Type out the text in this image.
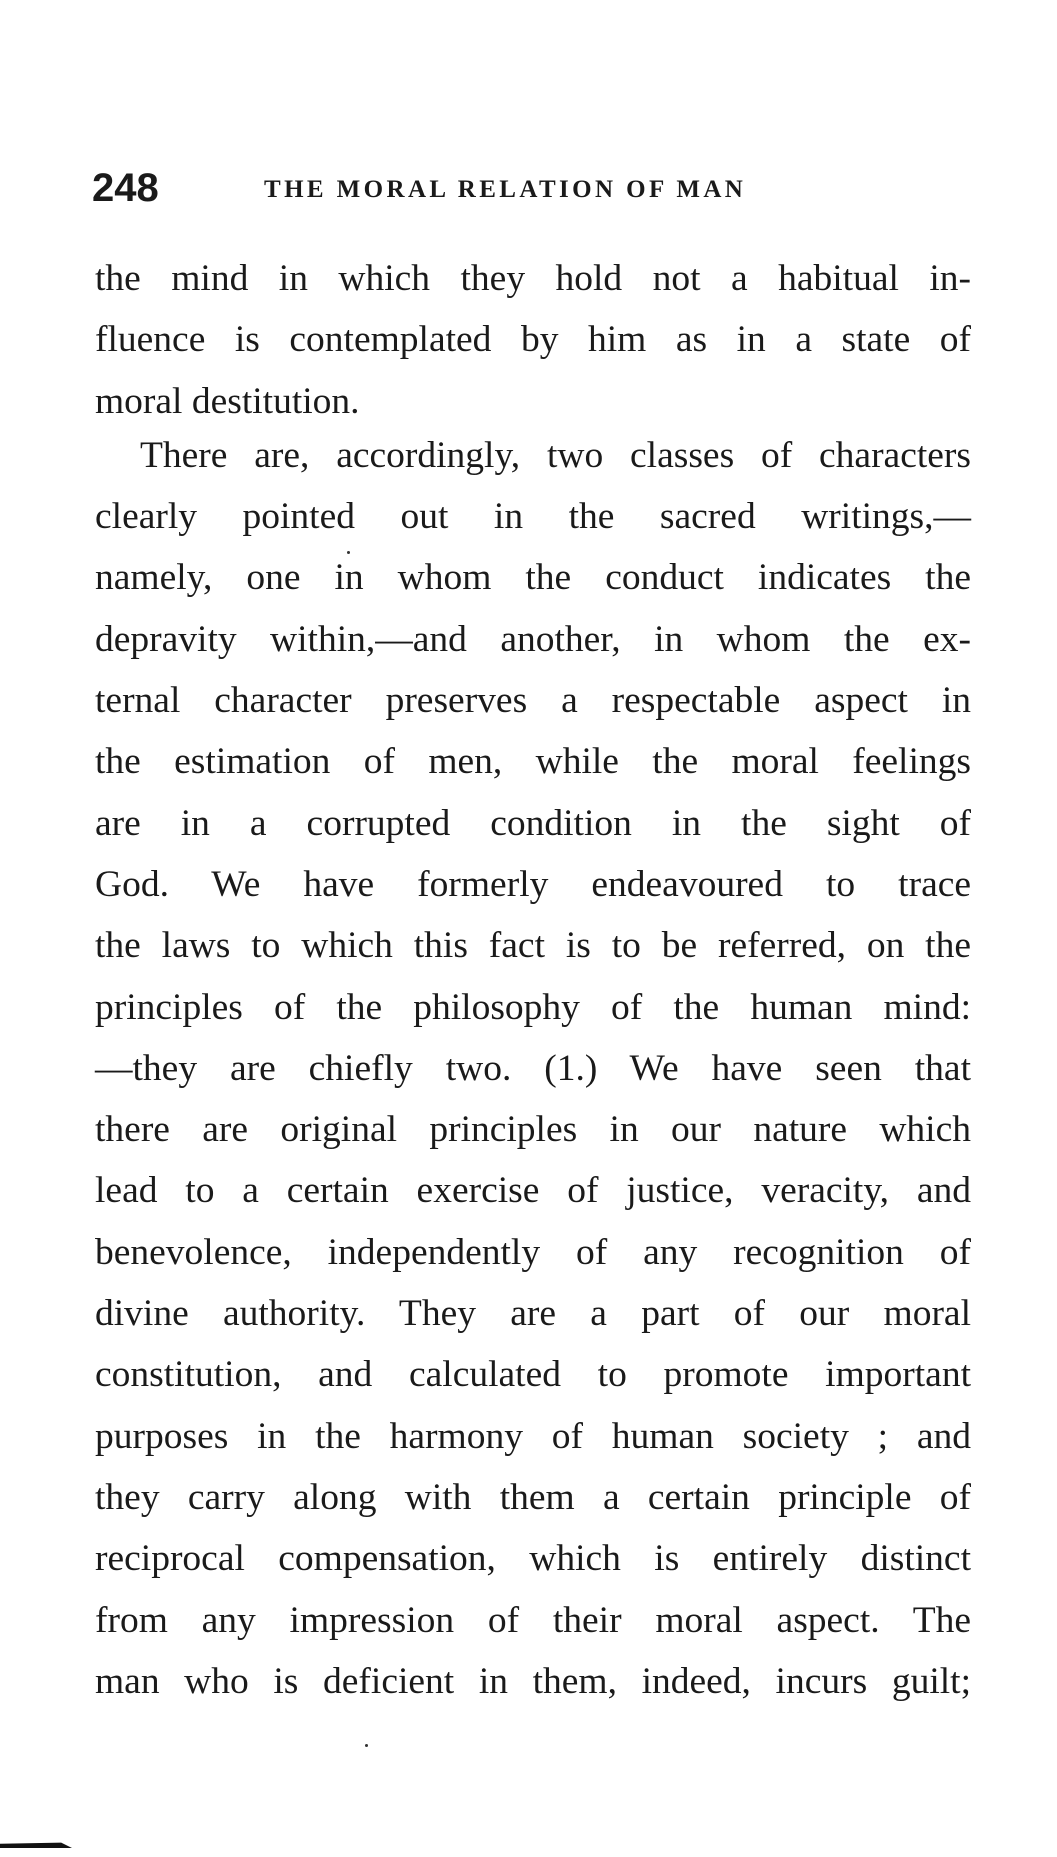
248	THE MORAL RELATION OF MAN
the mind in which they hold not a habitual in-
fluence is contemplated by him as in a state of
moral destitution.
There are, accordingly, two classes of characters
clearly pointed out in the sacred writings,—
namely, one in whom the conduct indicates the
depravity within,—and another, in whom the ex-
ternal character preserves a respectable aspect in
the estimation of men, while the moral feelings
are in a corrupted condition in the sight of
God. We have formerly endeavoured to trace
the laws to which this fact is to be referred, on the
principles of the philosophy of the human mind:
—they are chiefly two. (1.) We have seen that
there are original principles in our nature which
lead to a certain exercise of justice, veracity, and
benevolence, independently of any recognition of
divine authority. They are a part of our moral
constitution, and calculated to promote important
purposes in the harmony of human society ; and
they carry along with them a certain principle of
reciprocal compensation, which is entirely distinct
from any impression of their moral aspect. The
man who is deficient in them, indeed, incurs guilt;
